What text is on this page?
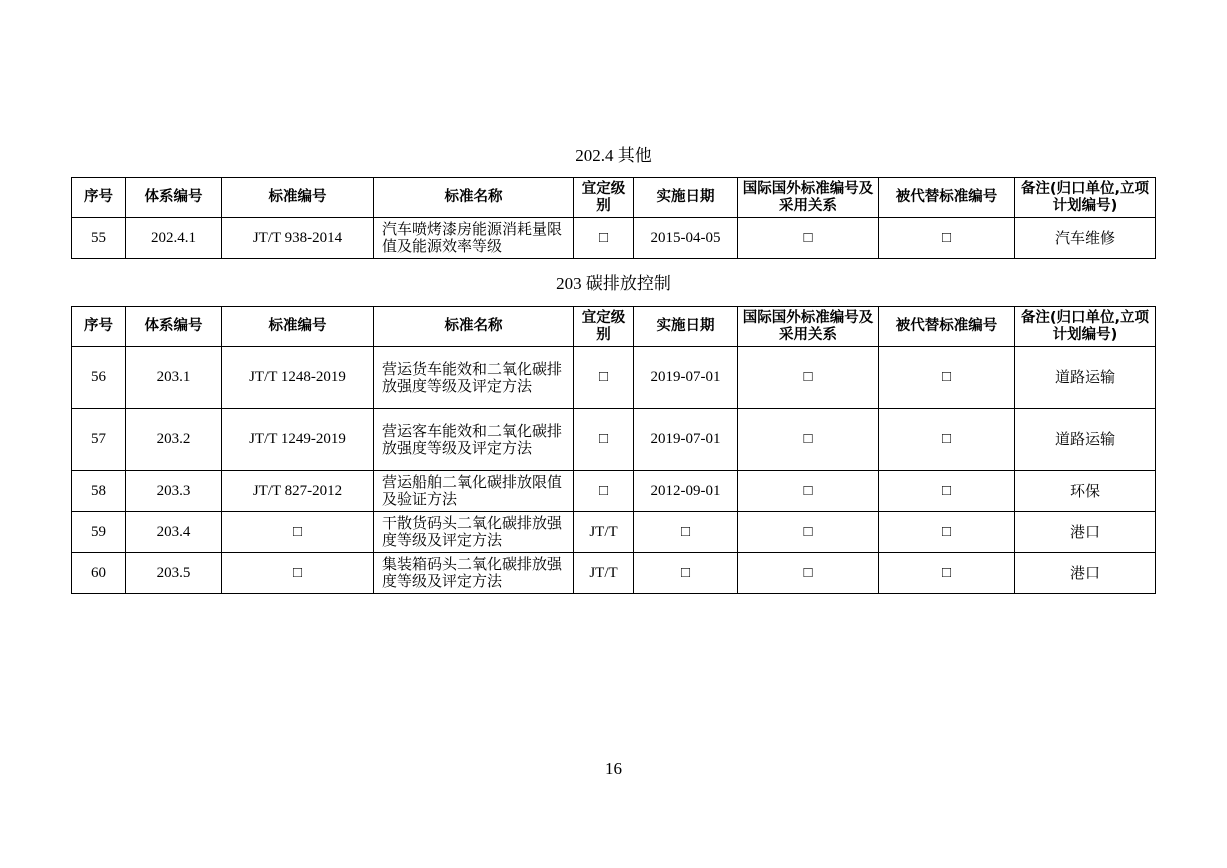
202.4 其他
序号	体系编号	标准编号	标准名称	宜定级别	实施日期	国际国外标准编号及采用关系	被代替标准编号	备注(归口单位,立项计划编号)
55	202.4.1	JT/T 938-2014	汽车喷烤漆房能源消耗量限值及能源效率等级	□	2015-04-05	□	□	汽车维修
203 碳排放控制
序号	体系编号	标准编号	标准名称	宜定级别	实施日期	国际国外标准编号及采用关系	被代替标准编号	备注(归口单位,立项计划编号)
56	203.1	JT/T 1248-2019	营运货车能效和二氧化碳排放强度等级及评定方法	□	2019-07-01	□	□	道路运输
57	203.2	JT/T 1249-2019	营运客车能效和二氧化碳排放强度等级及评定方法	□	2019-07-01	□	□	道路运输
58	203.3	JT/T 827-2012	营运船舶二氧化碳排放限值及验证方法	□	2012-09-01	□	□	环保
59	203.4	□	干散货码头二氧化碳排放强度等级及评定方法	JT/T	□	□	□	港口
60	203.5	□	集装箱码头二氧化碳排放强度等级及评定方法	JT/T	□	□	□	港口
16
